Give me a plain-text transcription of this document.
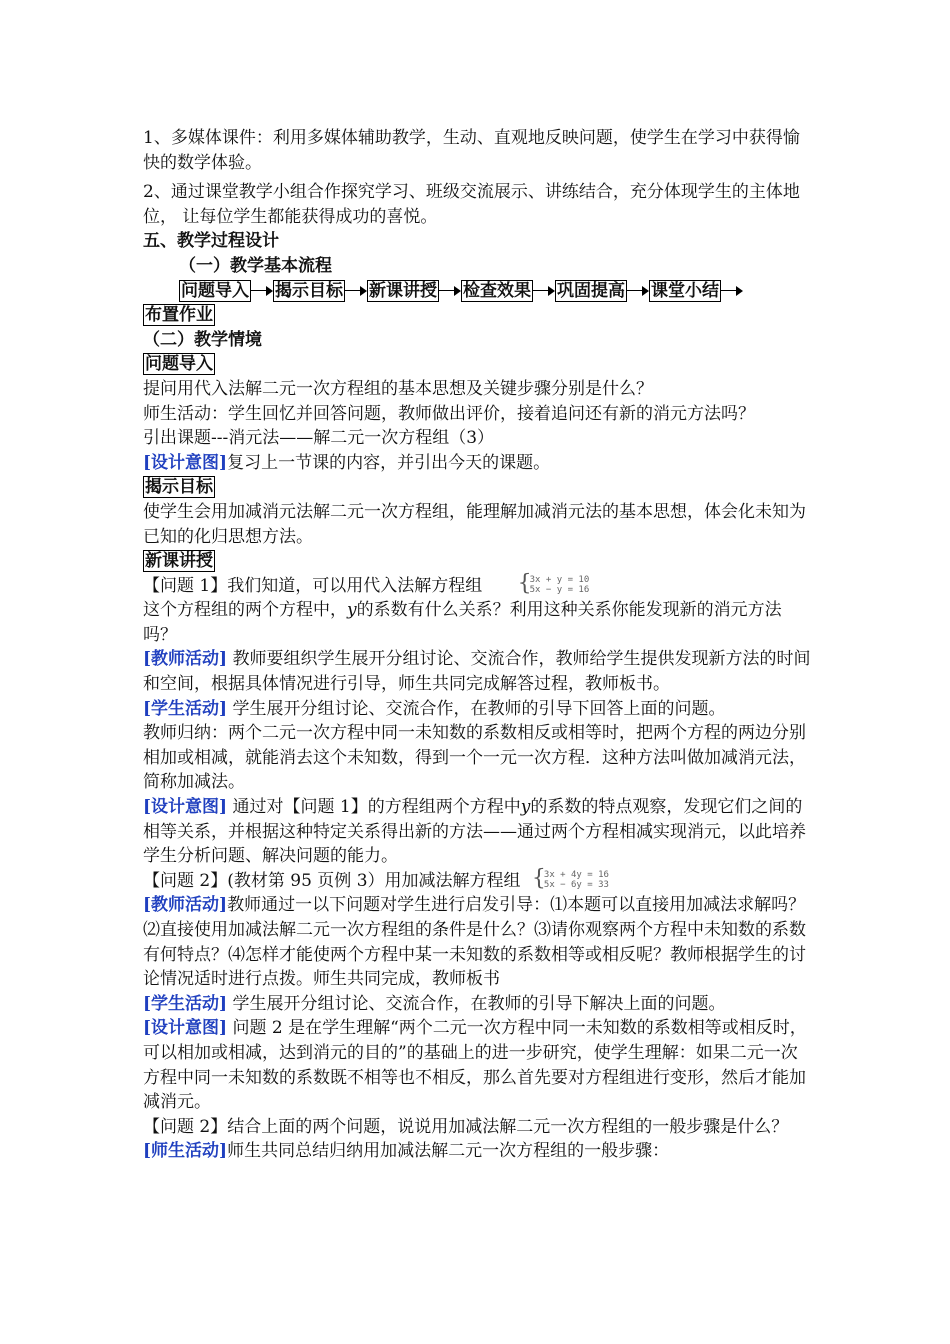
1、多媒体课件：利用多媒体辅助教学，生动、直观地反映问题，使学生在学习中获得愉快的数学体验。

2、通过课堂教学小组合作探究学习、班级交流展示、讲练结合，充分体现学生的主体地位， 让每位学生都能获得成功的喜悦。

五、教学过程设计

（一）教学基本流程

问题导入 揭示目标 新课讲授 检查效果 巩固提高 课堂小结

布置作业

（二）教学情境

问题导入

提问用代入法解二元一次方程组的基本思想及关键步骤分别是什么？

师生活动：学生回忆并回答问题，教师做出评价，接着追问还有新的消元方法吗？

引出课题---消元法——解二元一次方程组（3）

[设计意图]复习上一节课的内容，并引出今天的课题。

揭示目标

使学生会用加减消元法解二元一次方程组，能理解加减消元法的基本思想，体会化未知为已知的化归思想方法。

新课讲授

【问题 1】我们知道，可以用代入法解方程组 {
3x + y = 10
5x − y = 16

这个方程组的两个方程中，y的系数有什么关系？利用这种关系你能发现新的消元方法吗？

[教师活动] 教师要组织学生展开分组讨论、交流合作，教师给学生提供发现新方法的时间和空间，根据具体情况进行引导，师生共同完成解答过程，教师板书。

[学生活动] 学生展开分组讨论、交流合作，在教师的引导下回答上面的问题。

教师归纳：两个二元一次方程中同一未知数的系数相反或相等时，把两个方程的两边分别相加或相减，就能消去这个未知数，得到一个一元一次方程．这种方法叫做加减消元法，简称加减法。

[设计意图] 通过对【问题 1】的方程组两个方程中y的系数的特点观察，发现它们之间的相等关系，并根据这种特定关系得出新的方法——通过两个方程相减实现消元，以此培养学生分析问题、解决问题的能力。

【问题 2】(教材第 95 页例 3）用加减法解方程组 {
3x + 4y = 16
5x − 6y = 33

[教师活动]教师通过一以下问题对学生进行启发引导：⑴本题可以直接用加减法求解吗？⑵直接使用加减法解二元一次方程组的条件是什么？⑶请你观察两个方程中未知数的系数有何特点？⑷怎样才能使两个方程中某一未知数的系数相等或相反呢？教师根据学生的讨论情况适时进行点拨。师生共同完成，教师板书

[学生活动] 学生展开分组讨论、交流合作，在教师的引导下解决上面的问题。

[设计意图] 问题 2 是在学生理解“两个二元一次方程中同一未知数的系数相等或相反时，可以相加或相减，达到消元的目的”的基础上的进一步研究，使学生理解：如果二元一次方程中同一未知数的系数既不相等也不相反，那么首先要对方程组进行变形，然后才能加减消元。

【问题 2】结合上面的两个问题，说说用加减法解二元一次方程组的一般步骤是什么？

[师生活动]师生共同总结归纳用加减法解二元一次方程组的一般步骤：
